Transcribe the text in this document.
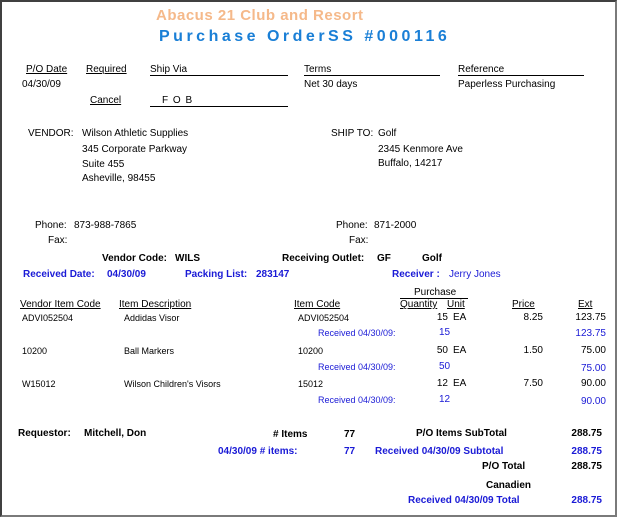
Abacus 21 Club and Resort
Purchase OrderSS #000116
P/O Date Required Ship Via	Terms	Reference
04/30/09	Net 30 days	Paperless Purchasing
Cancel	F O B
VENDOR: Wilson Athletic Supplies
345 Corporate Parkway
Suite 455
Asheville, 98455
SHIP TO: Golf
2345 Kenmore Ave
Buffalo, 14217
Phone: 873-988-7865
Fax:
Phone: 871-2000
Fax:
Vendor Code: WILS	Receiving Outlet: GF	Golf
Received Date: 04/30/09	Packing List: 283147	Receiver : Jerry Jones
Purchase
Vendor Item Code Item Description	Item Code	Quantity Unit	Price	Ext
ADVI052504	Addidas Visor	ADVI052504	15 EA	8.25	123.75
Received 04/30/09:	15	123.75
10200	Ball Markers	10200	50 EA	1.50	75.00
Received 04/30/09:	50	75.00
W15012	Wilson Children's Visors	15012	12 EA	7.50	90.00
Received 04/30/09:	12	90.00
Requestor: Mitchell, Don	# Items	77	P/O Items SubTotal	288.75
04/30/09 # items:	77 Received 04/30/09 Subtotal	288.75
P/O Total	288.75
Canadien
Received 04/30/09 Total	288.75
